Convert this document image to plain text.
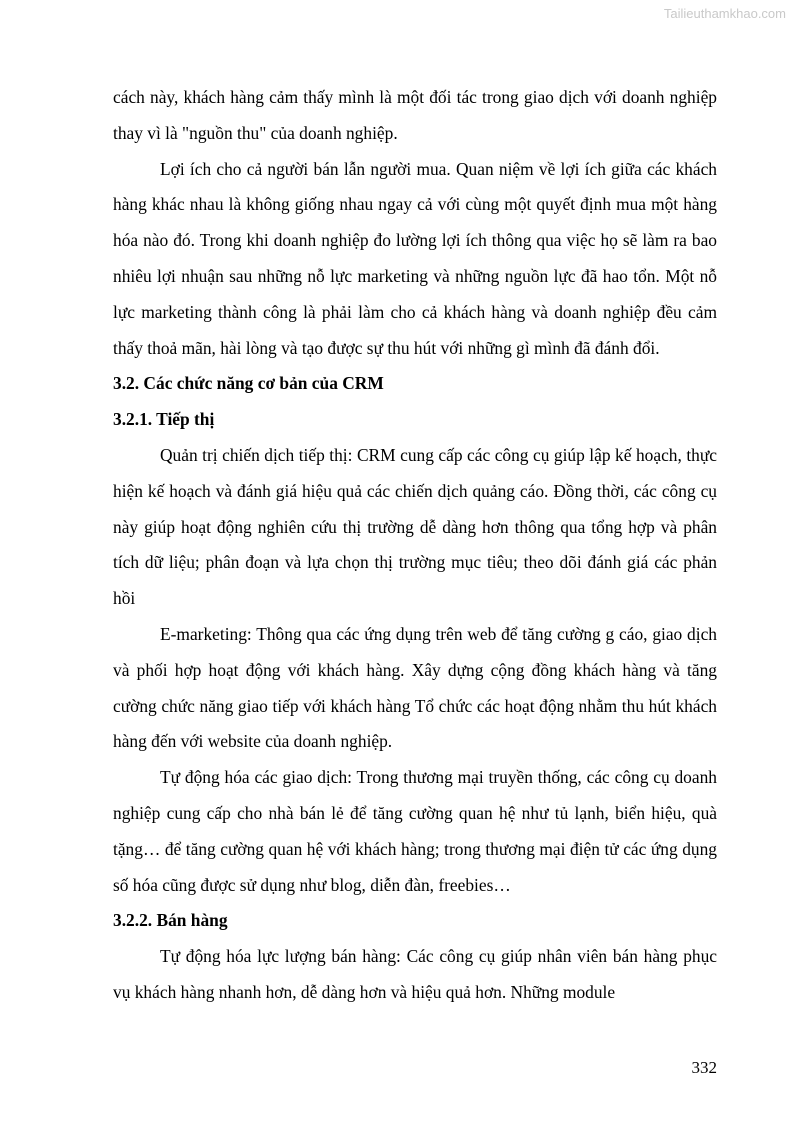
Tailieuthamkhao.com

cách này, khách hàng cảm thấy mình là một đối tác trong giao dịch với doanh nghiệp thay vì là "nguồn thu" của doanh nghiệp.

Lợi ích cho cả người bán lẫn người mua. Quan niệm về lợi ích giữa các khách hàng khác nhau là không giống nhau ngay cả với cùng một quyết định mua một hàng hóa nào đó. Trong khi doanh nghiệp đo lường lợi ích thông qua việc họ sẽ làm ra bao nhiêu lợi nhuận sau những nỗ lực marketing và những nguồn lực đã hao tổn. Một nỗ lực marketing thành công là phải làm cho cả khách hàng và doanh nghiệp đều cảm thấy thoả mãn, hài lòng và tạo được sự thu hút với những gì mình đã đánh đổi.

3.2. Các chức năng cơ bản của CRM
3.2.1. Tiếp thị

Quản trị chiến dịch tiếp thị: CRM cung cấp các công cụ giúp lập kế hoạch, thực hiện kế hoạch và đánh giá hiệu quả các chiến dịch quảng cáo. Đồng thời, các công cụ này giúp hoạt động nghiên cứu thị trường dễ dàng hơn thông qua tổng hợp và phân tích dữ liệu; phân đoạn và lựa chọn thị trường mục tiêu; theo dõi đánh giá các phản hồi

E-marketing: Thông qua các ứng dụng trên web để tăng cường g cáo, giao dịch và phối hợp hoạt động với khách hàng. Xây dựng cộng đồng khách hàng và tăng cường chức năng giao tiếp với khách hàng Tổ chức các hoạt động nhằm thu hút khách hàng đến với website của doanh nghiệp.

Tự động hóa các giao dịch: Trong thương mại truyền thống, các công cụ doanh nghiệp cung cấp cho nhà bán lẻ để tăng cường quan hệ như tủ lạnh, biển hiệu, quà tặng… để tăng cường quan hệ với khách hàng; trong thương mại điện tử các ứng dụng số hóa cũng được sử dụng như blog, diễn đàn, freebies…

3.2.2. Bán hàng

Tự động hóa lực lượng bán hàng: Các công cụ giúp nhân viên bán hàng phục vụ khách hàng nhanh hơn, dễ dàng hơn và hiệu quả hơn. Những module

332
